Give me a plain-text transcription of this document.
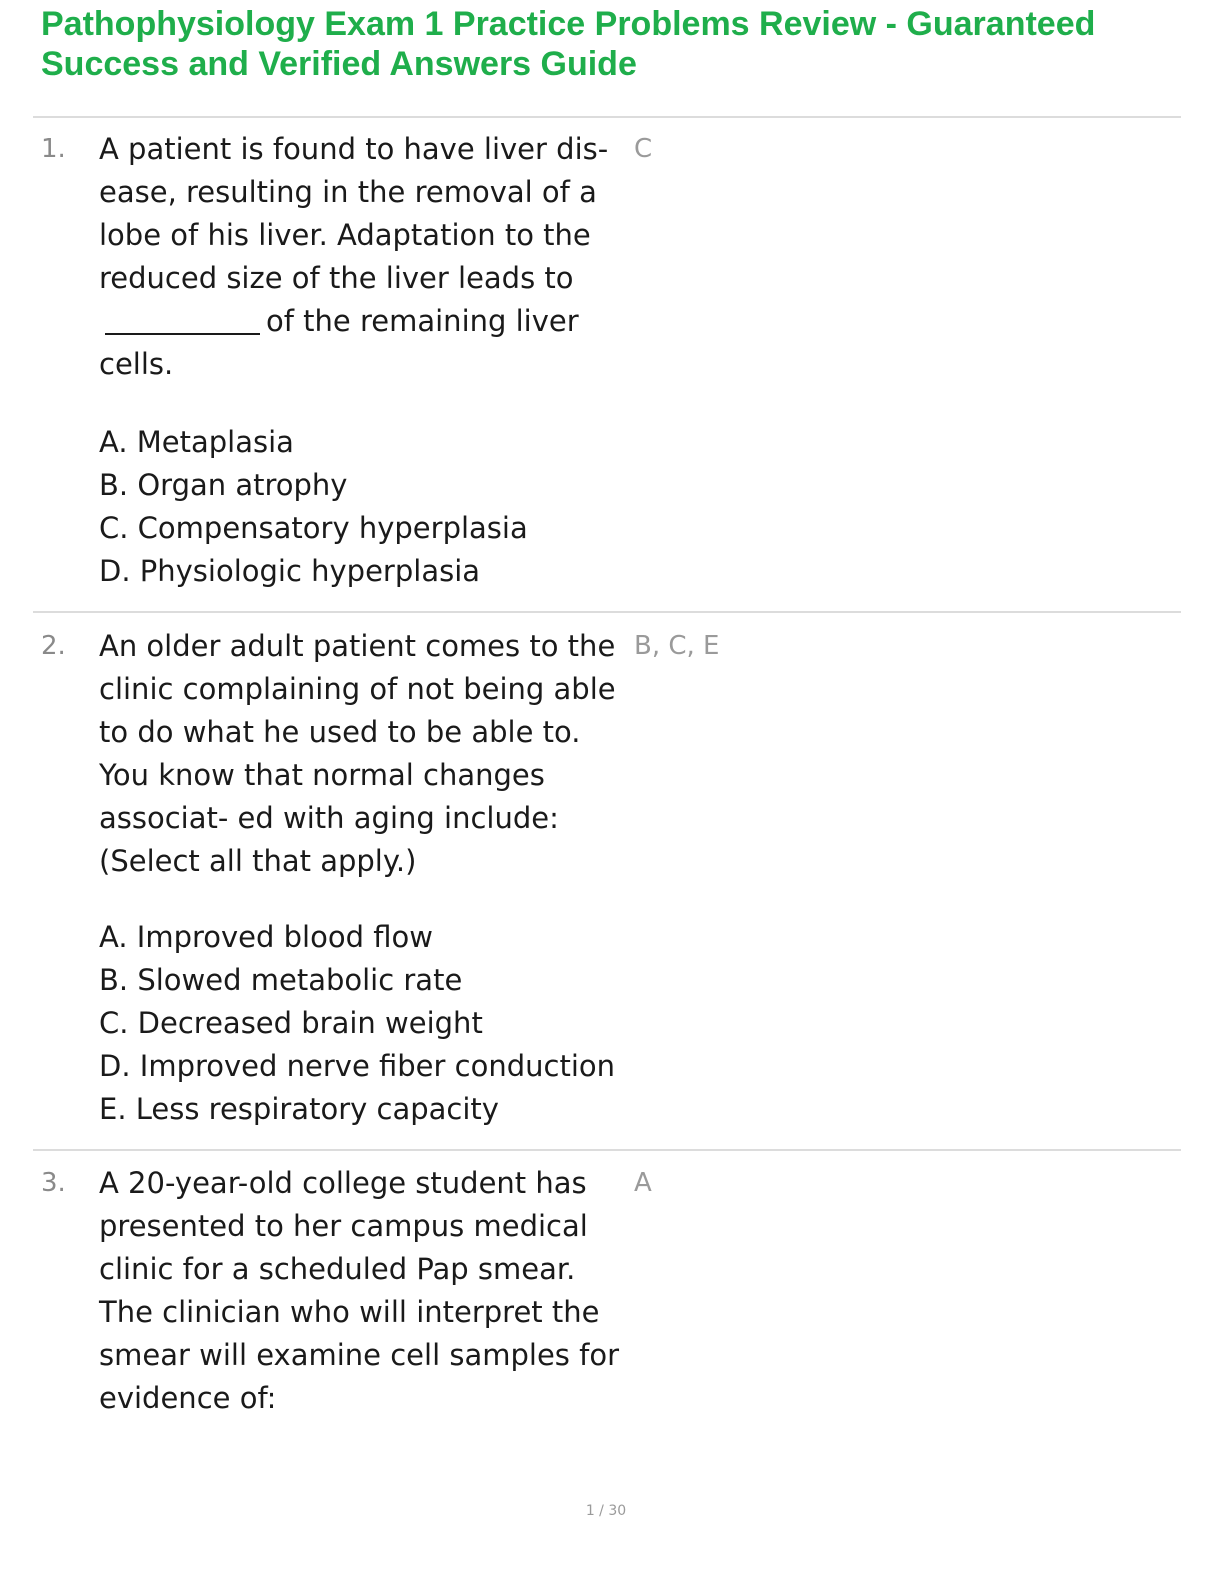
Pathophysiology Exam 1 Practice Problems Review - Guaranteed Success and Verified Answers Guide
1. A patient is found to have liver dis- ease, resulting in the removal of a lobe of his liver. Adaptation to the reduced size of the liver leads toof the remaining liver cells.

C
A. Metaplasia
B. Organ atrophy
C. Compensatory hyperplasia
D. Physiologic hyperplasia
2. An older adult patient comes to the clinic complaining of not being able to do what he used to be able to. You know that normal changes associat- ed with aging include: (Select all that apply.)

B, C, E
A. Improved blood flow
B. Slowed metabolic rate
C. Decreased brain weight
D. Improved nerve fiber conduction
E. Less respiratory capacity
3. A 20-year-old college student has presented to her campus medical clinic for a scheduled Pap smear. The clinician who will interpret the smear will examine cell samples for evidence of:

A
1 / 30
